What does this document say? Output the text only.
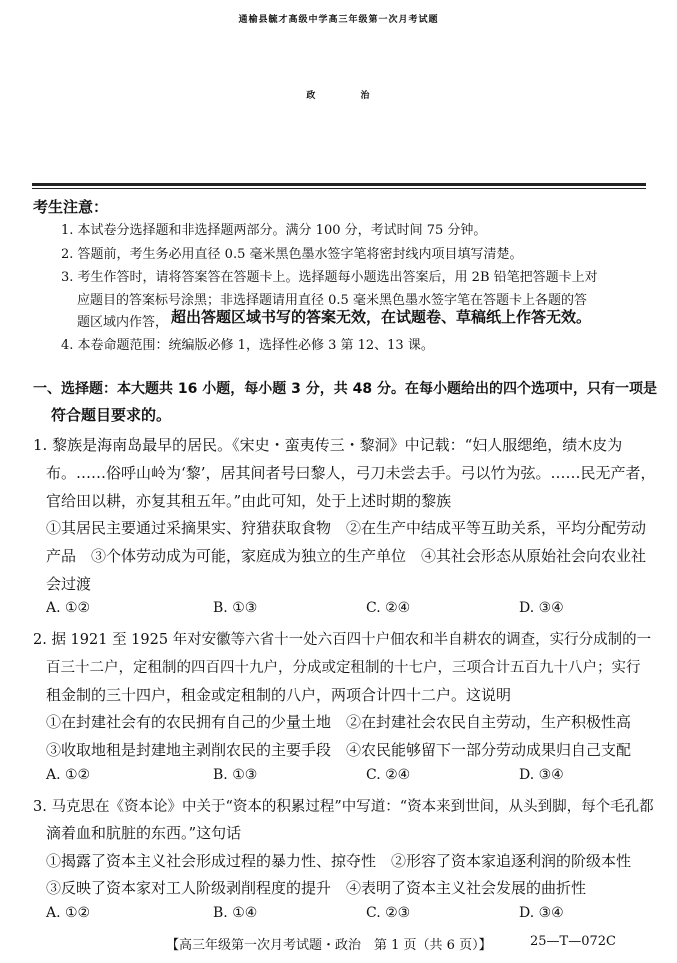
通榆县毓才高级中学高三年级第一次月考试题
政 治
考生注意：
1. 本试卷分选择题和非选择题两部分。满分 100 分，考试时间 75 分钟。
2. 答题前，考生务必用直径 0.5 毫米黑色墨水签字笔将密封线内项目填写清楚。
3. 考生作答时，请将答案答在答题卡上。选择题每小题选出答案后，用 2B 铅笔把答题卡上对
应题目的答案标号涂黑；非选择题请用直径 0.5 毫米黑色墨水签字笔在答题卡上各题的答
题区域内作答， 超出答题区域书写的答案无效，在试题卷、草稿纸上作答无效。
4. 本卷命题范围：统编版必修 1，选择性必修 3 第 12、13 课。
一、选择题：本大题共 16 小题，每小题 3 分，共 48 分。在每小题给出的四个选项中，只有一项是
符合题目要求的。
1. 黎族是海南岛最早的居民。《宋史・蛮夷传三・黎洞》中记载：“妇人服缌绝，绩木皮为
布。……俗呼山岭为‘黎’，居其间者号曰黎人，弓刀未尝去手。弓以竹为弦。……民无产者，
官给田以耕，亦复其租五年。”由此可知，处于上述时期的黎族
①其居民主要通过采摘果实、狩猎获取食物　②在生产中结成平等互助关系，平均分配劳动
产品　③个体劳动成为可能，家庭成为独立的生产单位　④其社会形态从原始社会向农业社
会过渡
A. ①②	B. ①③	C. ②④	D. ③④
2. 据 1921 至 1925 年对安徽等六省十一处六百四十户佃农和半自耕农的调查，实行分成制的一
百三十二户，定租制的四百四十九户，分成或定租制的十七户，三项合计五百九十八户；实行
租金制的三十四户，租金或定租制的八户，两项合计四十二户。这说明
①在封建社会有的农民拥有自己的少量土地　②在封建社会农民自主劳动，生产积极性高
③收取地租是封建地主剥削农民的主要手段　④农民能够留下一部分劳动成果归自己支配
A. ①②	B. ①③	C. ②④	D. ③④
3. 马克思在《资本论》中关于“资本的积累过程”中写道：“资本来到世间，从头到脚，每个毛孔都
滴着血和肮脏的东西。”这句话
①揭露了资本主义社会形成过程的暴力性、掠夺性　②形容了资本家追逐利润的阶级本性
③反映了资本家对工人阶级剥削程度的提升　④表明了资本主义社会发展的曲折性
A. ①②	B. ①④	C. ②③	D. ③④
【高三年级第一次月考试题・政治　第 1 页（共 6 页）】	25—T—072C
